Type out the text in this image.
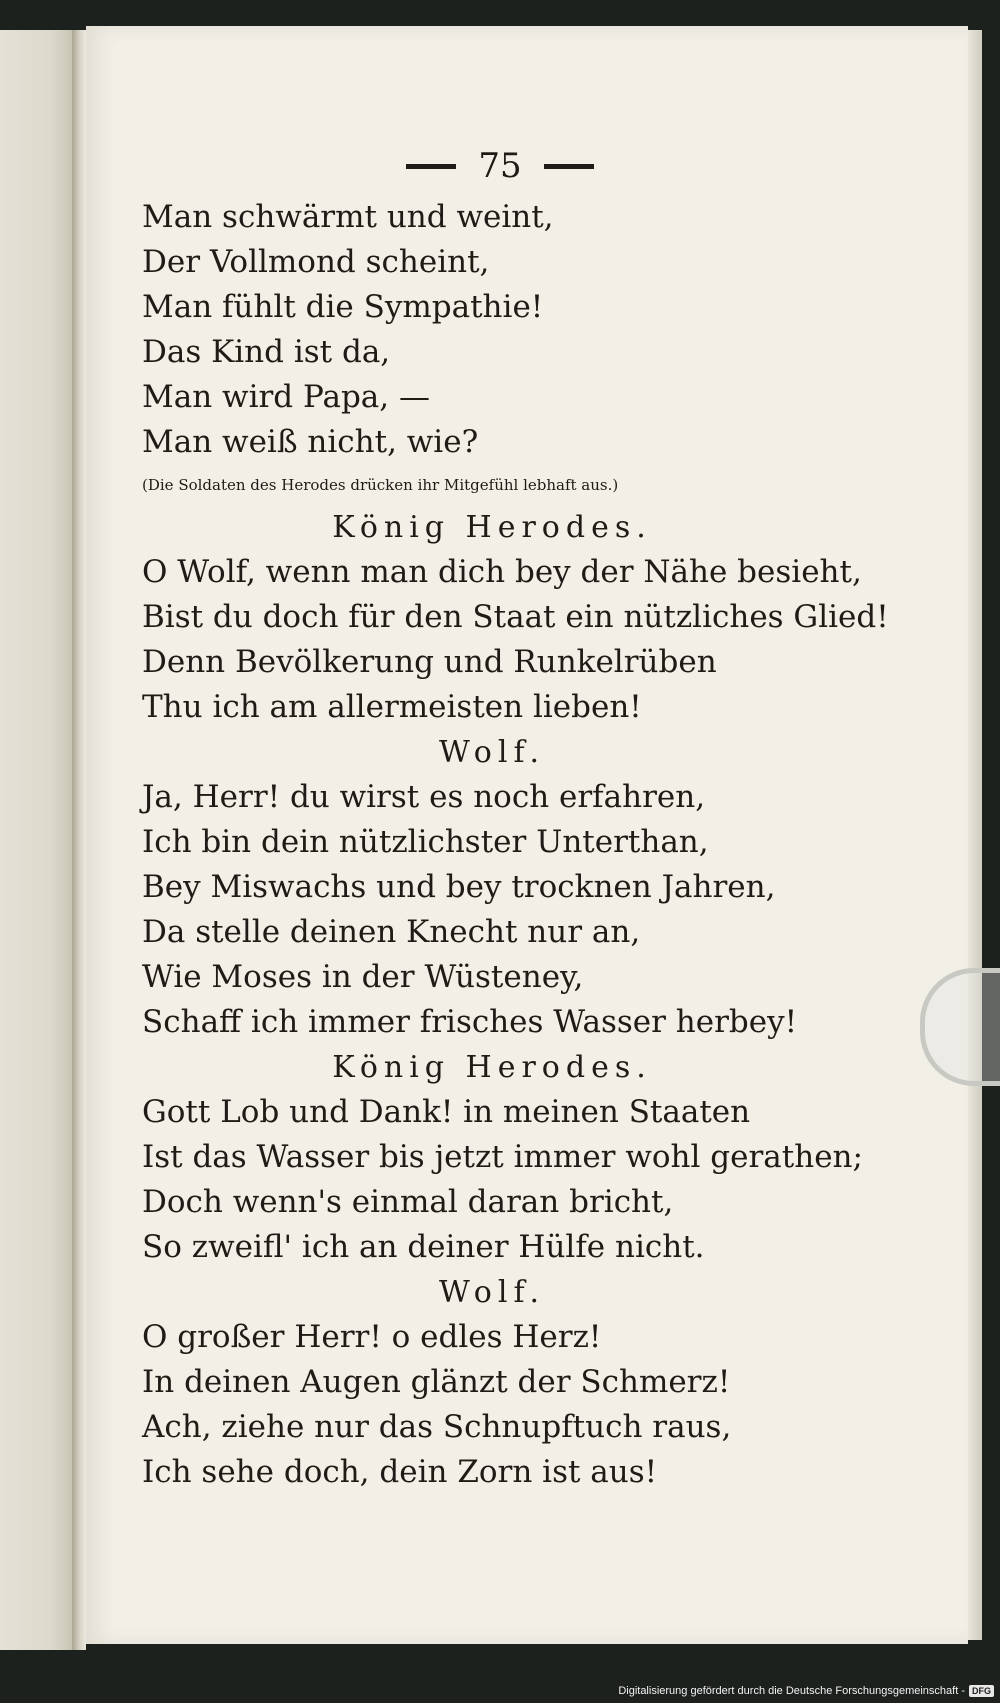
75
Man schwärmt und weint,
Der Vollmond scheint,
Man fühlt die Sympathie!
Das Kind ist da,
Man wird Papa, —
Man weiß nicht, wie?
(Die Soldaten des Herodes drücken ihr Mitgefühl lebhaft aus.)
König Herodes.
O Wolf, wenn man dich bey der Nähe besieht,
Bist du doch für den Staat ein nützliches Glied!
Denn Bevölkerung und Runkelrüben
Thu ich am allermeisten lieben!
Wolf.
Ja, Herr! du wirst es noch erfahren,
Ich bin dein nützlichster Unterthan,
Bey Miswachs und bey trocknen Jahren,
Da stelle deinen Knecht nur an,
Wie Moses in der Wüsteney,
Schaff ich immer frisches Wasser herbey!
König Herodes.
Gott Lob und Dank! in meinen Staaten
Ist das Wasser bis jetzt immer wohl gerathen;
Doch wenn's einmal daran bricht,
So zweifl' ich an deiner Hülfe nicht.
Wolf.
O großer Herr! o edles Herz!
In deinen Augen glänzt der Schmerz!
Ach, ziehe nur das Schnupftuch raus,
Ich sehe doch, dein Zorn ist aus!
Digitalisierung gefördert durch die Deutsche Forschungsgemeinschaft - DFG
